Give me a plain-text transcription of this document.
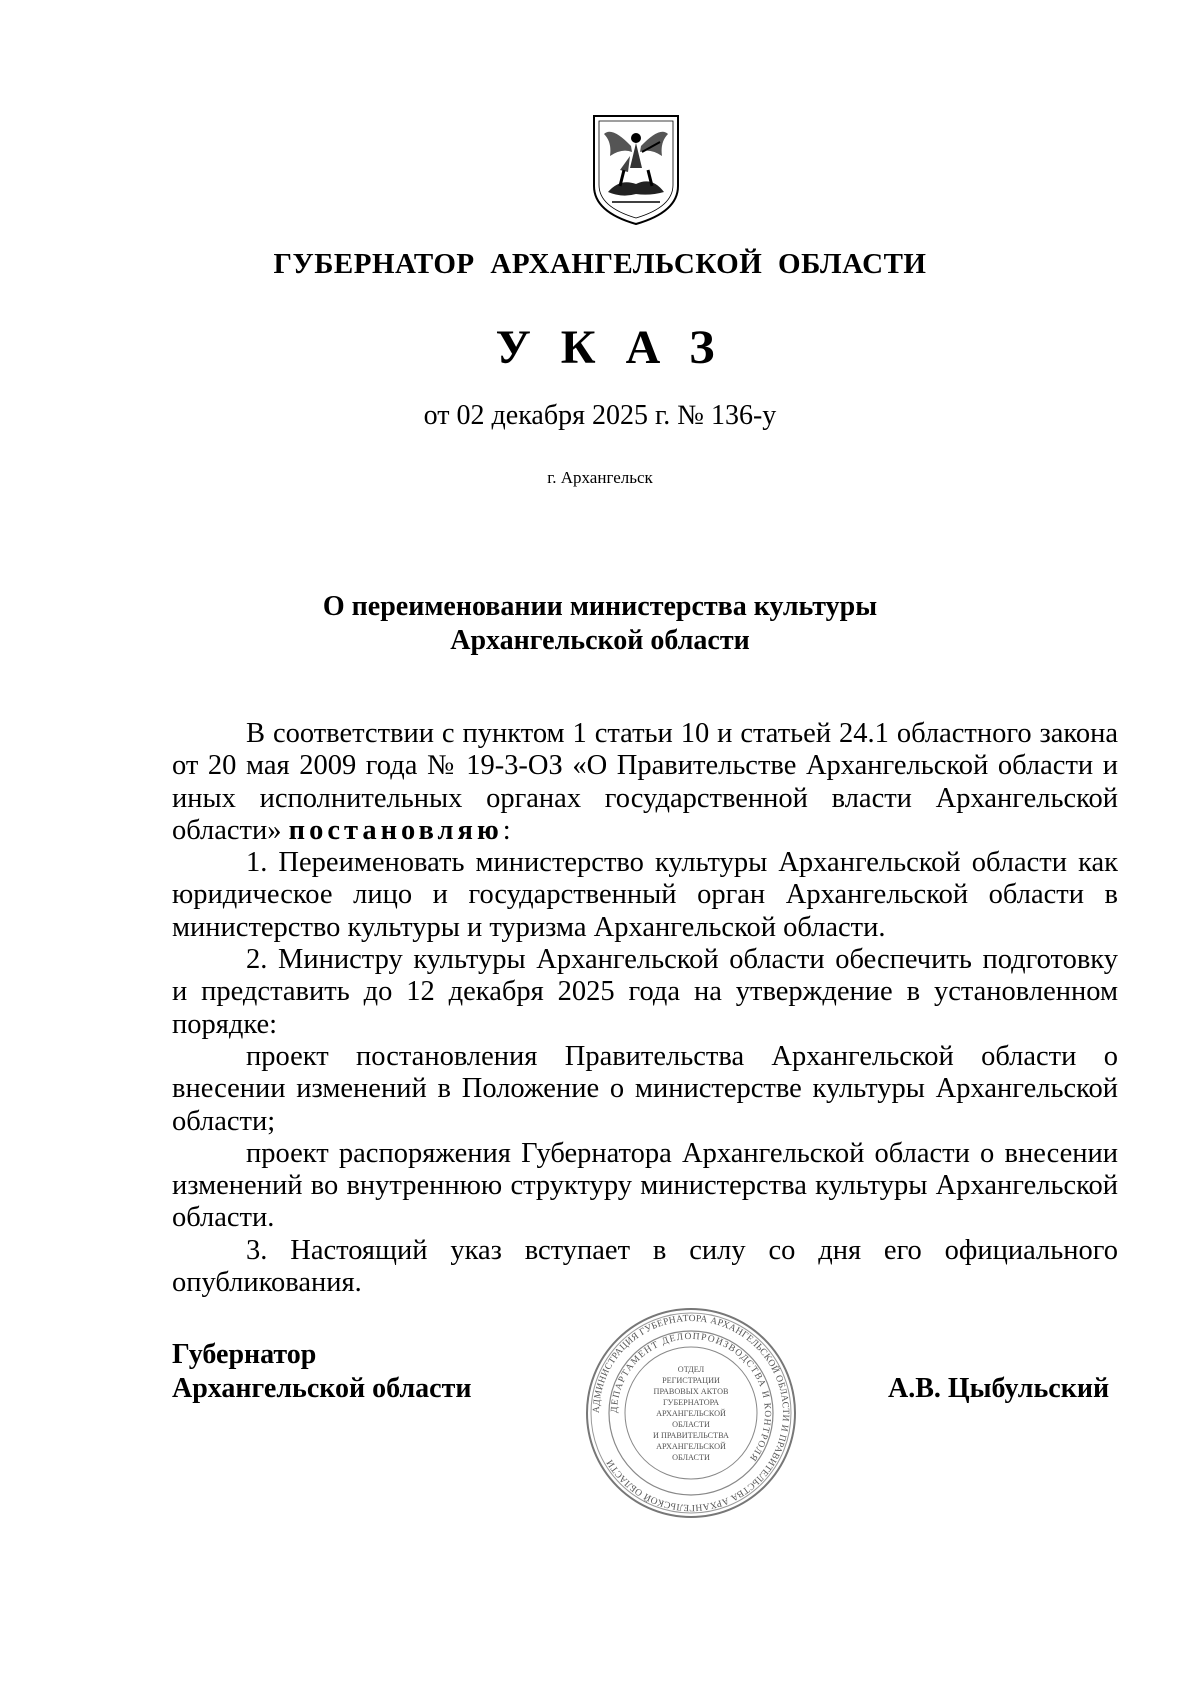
ГУБЕРНАТОР АРХАНГЕЛЬСКОЙ ОБЛАСТИ
УКАЗ
от 02 декабря 2025 г. № 136-у
г. Архангельск
О переименовании министерства культуры
Архангельской области

В соответствии с пунктом 1 статьи 10 и статьей 24.1 областного закона от 20 мая 2009 года № 19-3-ОЗ «О Правительстве Архангельской области и иных исполнительных органах государственной власти Архангельской области» постановляю:

1. Переименовать министерство культуры Архангельской области как юридическое лицо и государственный орган Архангельской области в министерство культуры и туризма Архангельской области.

2. Министру культуры Архангельской области обеспечить подготовку и представить до 12 декабря 2025 года на утверждение в установленном порядке:

проект постановления Правительства Архангельской области о внесении изменений в Положение о министерстве культуры Архангельской области;

проект распоряжения Губернатора Архангельской области о внесении изменений во внутреннюю структуру министерства культуры Архангельской области.

3. Настоящий указ вступает в силу со дня его официального опубликования.

Губернатор
Архангельской области	А.В. Цыбульский
АДМИНИСТРАЦИЯ ГУБЕРНАТОРА АРХАНГЕЛЬСКОЙ ОБЛАСТИ И ПРАВИТЕЛЬСТВА АРХАНГЕЛЬСКОЙ ОБЛАСТИ
ДЕПАРТАМЕНТ ДЕЛОПРОИЗВОДСТВА И КОНТРОЛЯ
ОТДЕЛ
РЕГИСТРАЦИИ
ПРАВОВЫХ АКТОВ
ГУБЕРНАТОРА
АРХАНГЕЛЬСКОЙ
ОБЛАСТИ
И ПРАВИТЕЛЬСТВА
АРХАНГЕЛЬСКОЙ
ОБЛАСТИ
